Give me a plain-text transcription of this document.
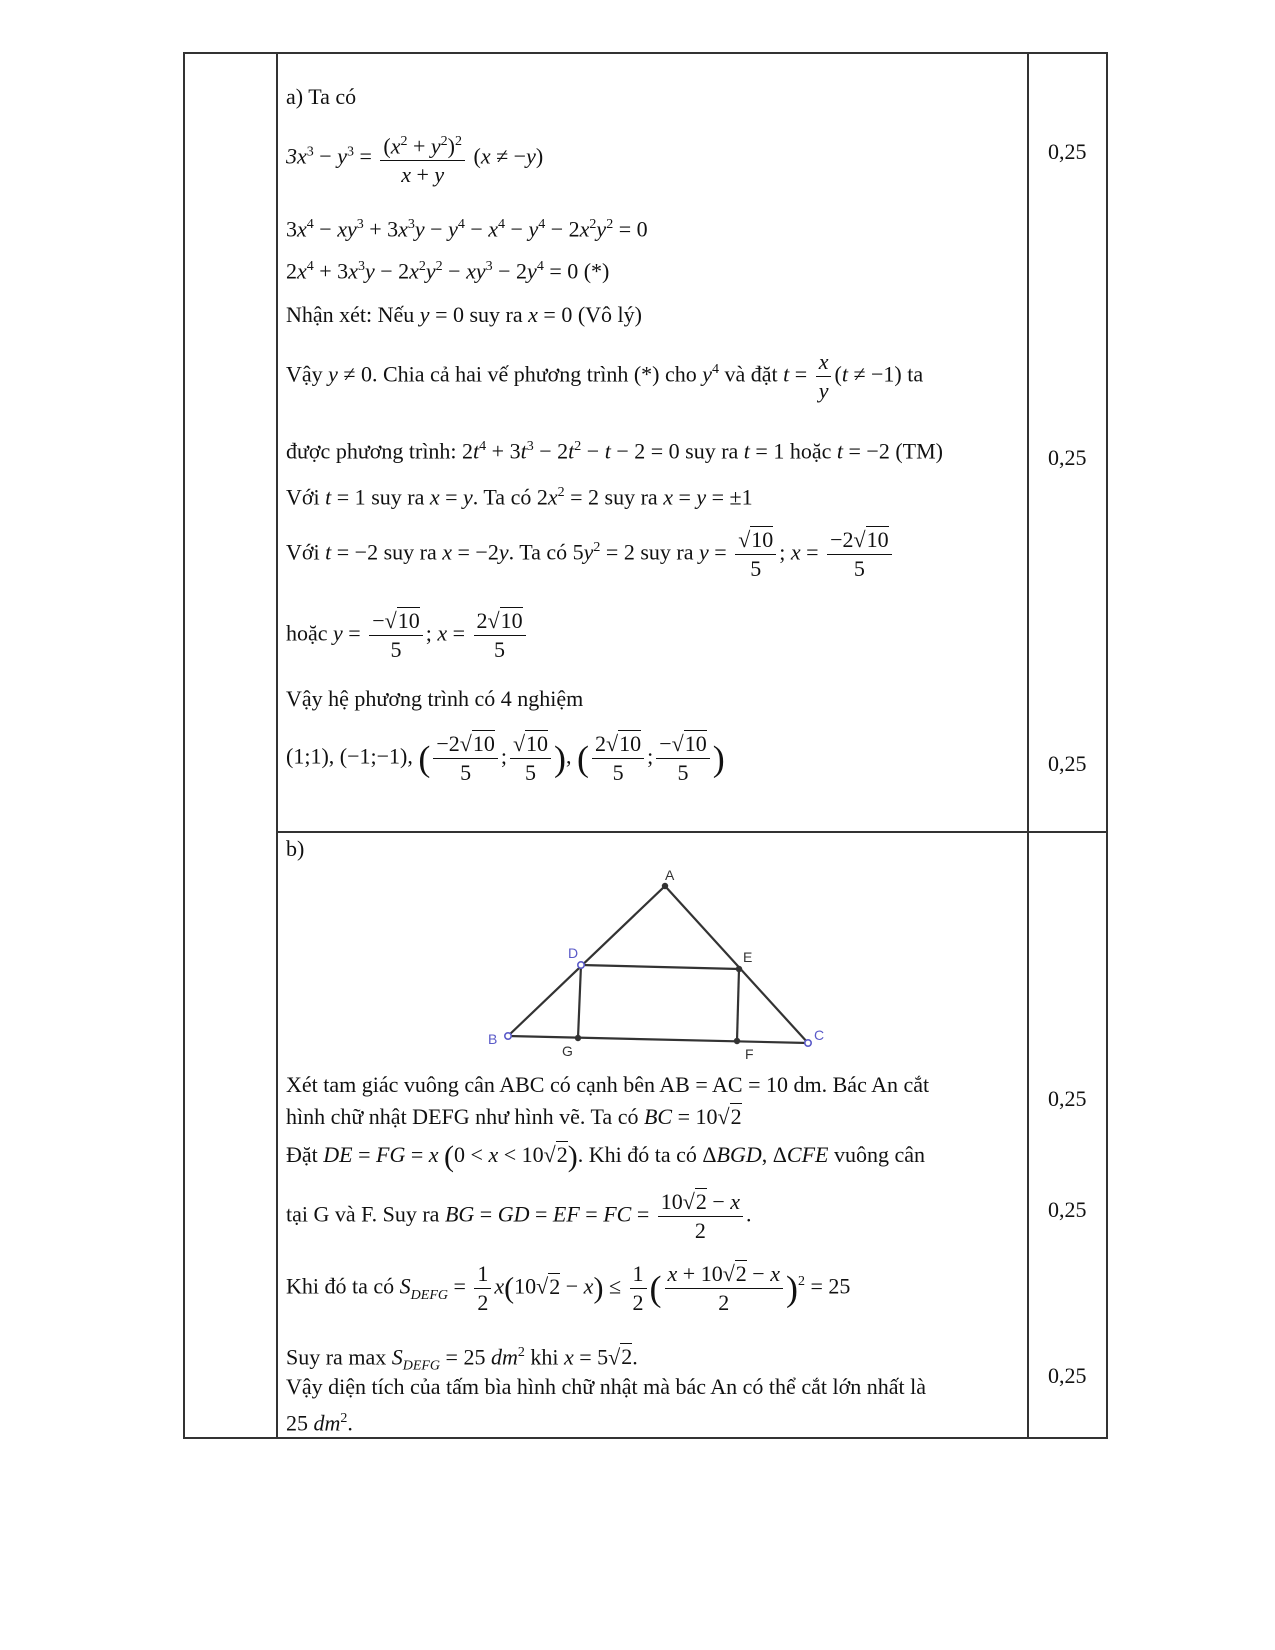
a) Ta có
$3x^3 - y^3 = \frac{(x^2 + y^2)^2}{x + y} (x \ne -y)$
$3x^4 - xy^3 + 3x^3y - y^4 - x^4 - y^4 - 2x^2y^2 = 0$
$2x^4 + 3x^3y - 2x^2y^2 - xy^3 - 2y^4 = 0$ (*)
Nhận xét: Nếu y = 0 suy ra x = 0 (Vô lý)
Vậy y ≠ 0. Chia cả hai vế phương trình (*) cho $y^4$ và đặt $t = \frac{x}{y} (t \ne -1)$ ta
được phương trình: $2t^4 + 3t^3 - 2t^2 - t - 2 = 0$ suy ra t = 1 hoặc t = −2 (TM)
Với t = 1 suy ra x = y. Ta có $2x^2 = 2$ suy ra x = y = ±1
Với t = −2 suy ra x = −2y. Ta có $5y^2 = 2$ suy ra $y = \frac{√10}{5}$ ; $x = \frac{-2√10}{5}$
hoặc $y = \frac{-√10}{5}$ ; $x = \frac{2√10}{5}$
Vậy hệ phương trình có 4 nghiệm
(1;1), (−1;−1), ( $\frac{-2√10}{5}$ ; $\frac{√10}{5}$ ), ( $\frac{2√10}{5}$ ; $\frac{-√10}{5}$ )
0,25
0,25
0,25
b)
A
B	C
D	E
F
G
Xét tam giác vuông cân ABC có cạnh bên AB = AC = 10 dm. Bác An cắt
hình chữ nhật DEFG như hình vẽ. Ta có BC = 10√2
Đặt DE = FG = x (0 < x < 10√2). Khi đó ta có ΔBGD, ΔCFE vuông cân
tại G và F. Suy ra BG = GD = EF = FC = $\frac{10√2 - x}{2}$ .
Khi đó ta có $S_{DEFG} = \frac{1}{2} x(10√2 - x) \le \frac{1}{2}$ ( $\frac{x + 10√2 - x}{2} )^2 = 25$
Suy ra $\max S_{DEFG} = 25$ $dm^2$ khi x = 5√2.
Vậy diện tích của tấm bìa hình chữ nhật mà bác An có thể cắt lớn nhất là
25 $dm^2$.
0,25
0,25
0,25
